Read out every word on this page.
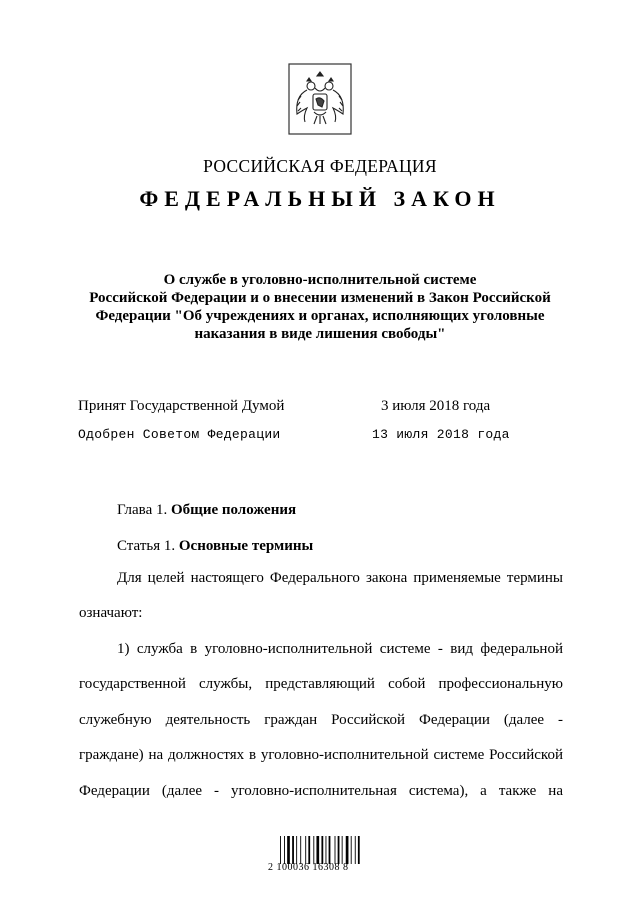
РОССИЙСКАЯ ФЕДЕРАЦИЯ
ФЕДЕРАЛЬНЫЙ ЗАКОН
О службе в уголовно-исполнительной системе
Российской Федерации и о внесении изменений в Закон Российской
Федерации "Об учреждениях и органах, исполняющих уголовные
наказания в виде лишения свободы"
Принят Государственной Думой	3 июля 2018 года
Одобрен Советом Федерации	13 июля 2018 года
Глава 1. Общие положения
Статья 1. Основные термины
Для целей настоящего Федерального закона применяемые термины
означают:
1) служба в уголовно-исполнительной системе - вид федеральной
государственной службы, представляющий собой профессиональную
служебную деятельность граждан Российской Федерации (далее -
граждане) на должностях в уголовно-исполнительной системе Российской
Федерации (далее - уголовно-исполнительная система), а также на
2 100036 16308 8
